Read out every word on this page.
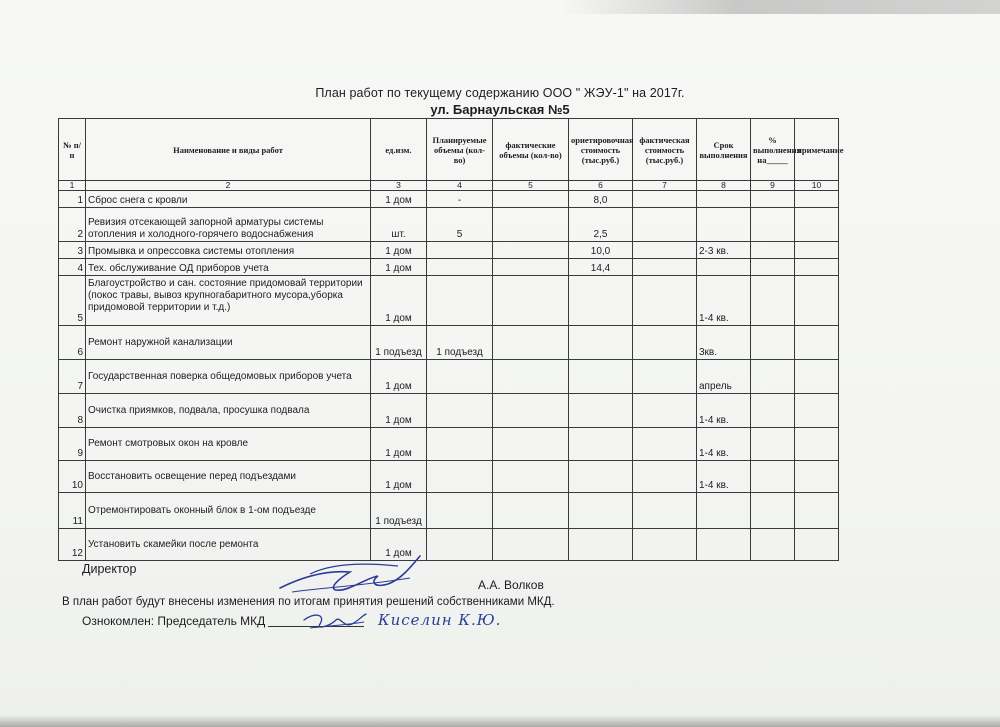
План работ по текущему содержанию ООО " ЖЭУ-1" на 2017г.
ул. Барнаульская №5
№ п/п	Наименование и виды работ	ед.изм.	Планируемые объемы (кол-во)	фактические объемы (кол-во)	ориетировочная стоимость (тыс.руб.)	фактическая стоимость (тыс.руб.)	Срок выполнения	% выполнения на_____	примечание
1	2	3	4	5	6	7	8	9	10
1	Сброс снега с кровли	1 дом	-		8,0				
2	Ревизия отсекающей запорной арматуры системы отопления и холодного-горячего водоснабжения	шт.	5		2,5				
3	Промывка и опрессовка системы отопления	1 дом			10,0		2-3 кв.		
4	Тех. обслуживание ОД приборов учета	1 дом			14,4				
5	Благоустройство и сан. состояние придомовай территории (покос травы, вывоз крупногабаритного мусора,уборка придомовой территории и т.д.)	1 дом					1-4 кв.		
6	Ремонт наружной канализации	1 подъезд	1 подъезд				3кв.		
7	Государственная поверка общедомовых приборов учета	1 дом					апрель		
8	Очистка приямков, подвала, просушка подвала	1 дом					1-4 кв.		
9	Ремонт смотровых окон на кровле	1 дом					1-4 кв.		
10	Восстановить освещение перед подъездами	1 дом					1-4 кв.		
11	Отремонтировать оконный блок в 1-ом подъезде	1 подъезд							
12	Установить скамейки после ремонта	1 дом							
Директор
А.А. Волков
В план работ будут внесены изменения по итогам принятия решений собственниками МКД.
Ознокомлен: Председатель МКД	Киселин К.Ю.
